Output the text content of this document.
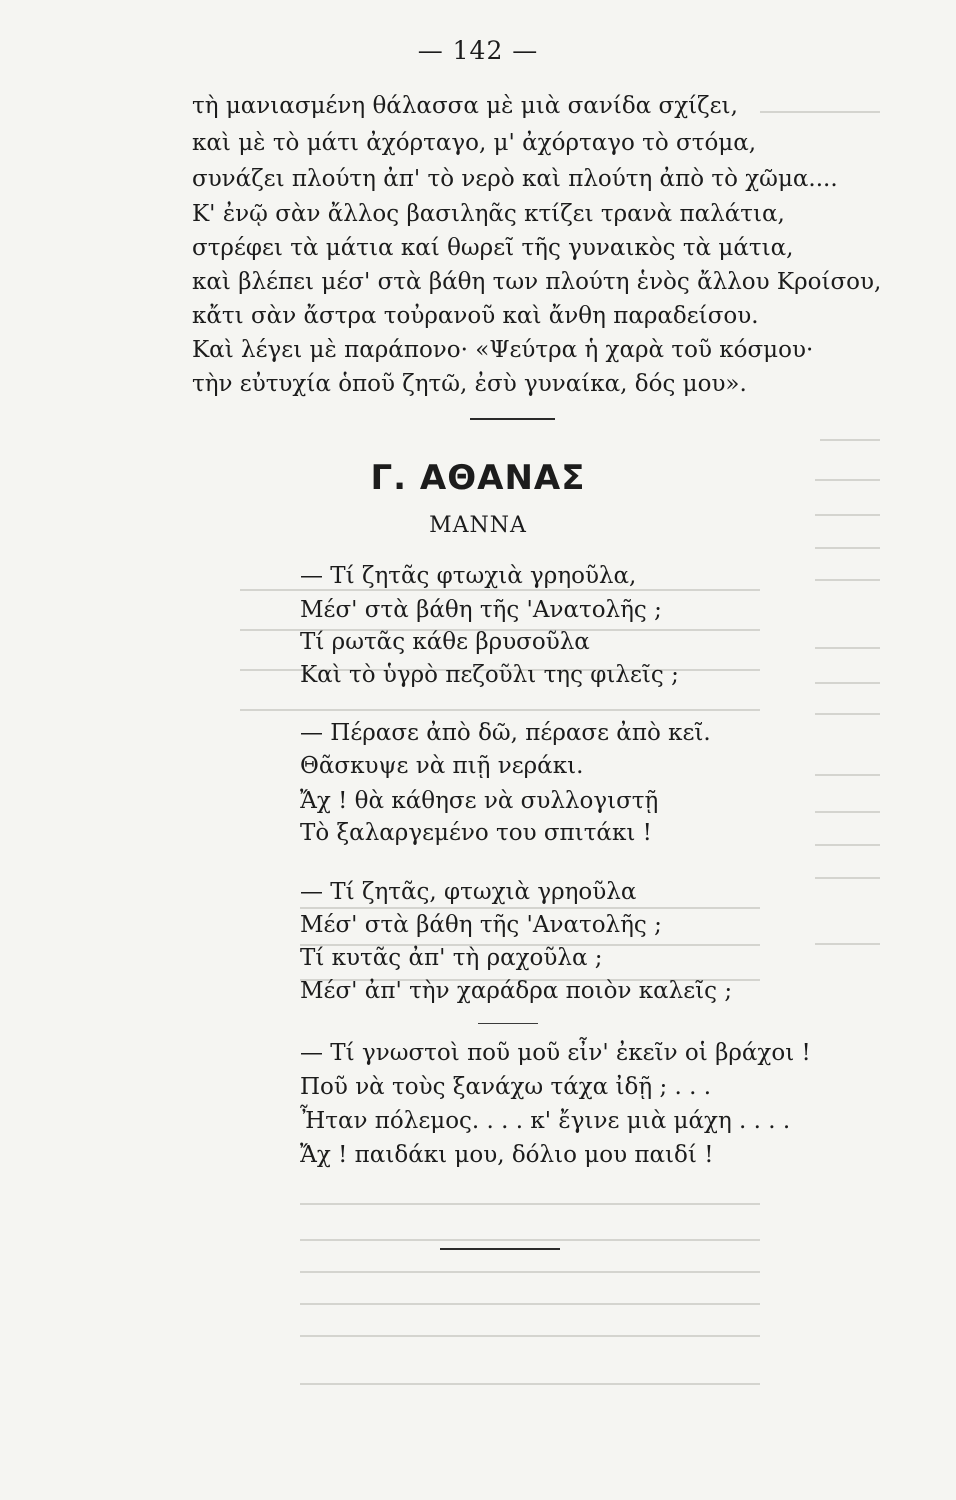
— 142 —
τὴ μανιασμένη θάλασσα μὲ μιὰ σανίδα σχίζει,
καὶ μὲ τὸ μάτι ἀχόρταγο, μ' ἀχόρταγο τὸ στόμα,
συνάζει πλούτη ἀπ' τὸ νερὸ καὶ πλούτη ἀπὸ τὸ χῶμα....
Κ' ἐνῷ σὰν ἄλλος βασιληᾶς κτίζει τρανὰ παλάτια,
στρέφει τὰ μάτια καί θωρεῖ τῆς γυναικὸς τὰ μάτια,
καὶ βλέπει μέσ' στὰ βάθη των πλούτη ἑνὸς ἄλλου Κροίσου,
κἄτι σὰν ἄστρα τοὐρανοῦ καὶ ἄνθη παραδείσου.
Καὶ λέγει μὲ παράπονο· «Ψεύτρα ἡ χαρὰ τοῦ κόσμου·
τὴν εὐτυχία ὁποῦ ζητῶ, ἐσὺ γυναίκα, δός μου».
Γ. ΑΘΑΝΑΣ
ΜΑΝΝΑ
— Τί ζητᾶς φτωχιὰ γρηοῦλα,
Μέσ' στὰ βάθη τῆς 'Ανατολῆς ;
Τί ρωτᾶς κάθε βρυσοῦλα
Καὶ τὸ ὑγρὸ πεζοῦλι της φιλεῖς ;
— Πέρασε ἀπὸ δῶ, πέρασε ἀπὸ κεῖ.
Θᾶσκυψε νὰ πιῇ νεράκι.
Ἄχ ! θὰ κάθησε νὰ συλλογιστῇ
Τὸ ξαλαργεμένο του σπιτάκι !
— Τί ζητᾶς, φτωχιὰ γρηοῦλα
Μέσ' στὰ βάθη τῆς 'Ανατολῆς ;
Τί κυτᾶς ἀπ' τὴ ραχοῦλα ;
Μέσ' ἀπ' τὴν χαράδρα ποιὸν καλεῖς ;
— Τί γνωστοὶ ποῦ μοῦ εἶν' ἐκεῖν οἱ βράχοι !
Ποῦ νὰ τοὺς ξανάχω τάχα ἰδῇ ; . . .
Ἦταν πόλεμος. . . . κ' ἔγινε μιὰ μάχη . . . .
Ἄχ ! παιδάκι μου, δόλιο μου παιδί !
